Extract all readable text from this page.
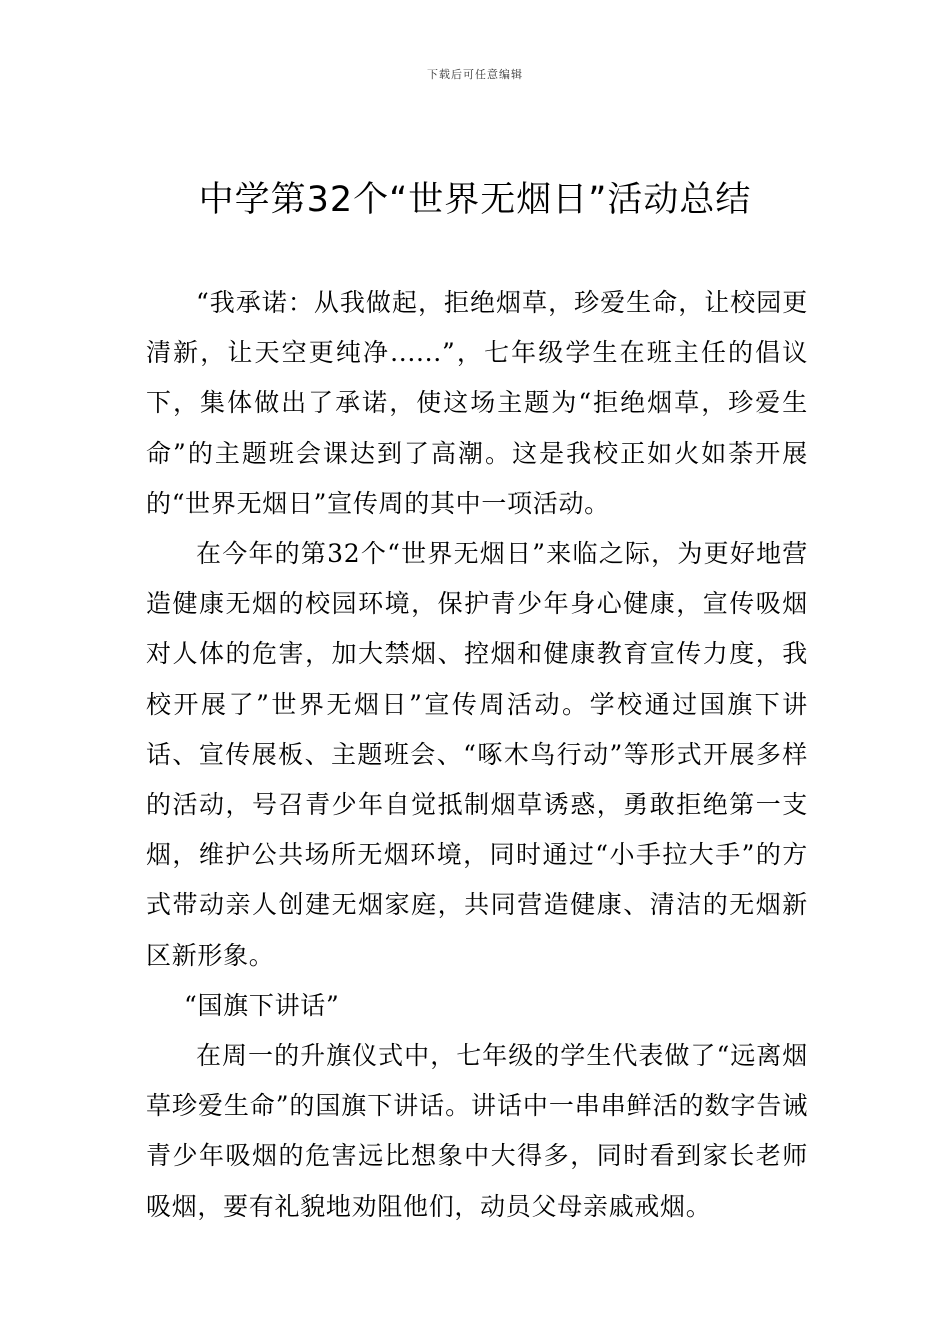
下载后可任意编辑
中学第32个“世界无烟日”活动总结

“我承诺：从我做起，拒绝烟草，珍爱生命，让校园更清新，让天空更纯净......”，七年级学生在班主任的倡议下，集体做出了承诺，使这场主题为“拒绝烟草，珍爱生命”的主题班会课达到了高潮。这是我校正如火如荼开展的“世界无烟日”宣传周的其中一项活动。

在今年的第32个“世界无烟日”来临之际，为更好地营造健康无烟的校园环境，保护青少年身心健康，宣传吸烟对人体的危害，加大禁烟、控烟和健康教育宣传力度，我校开展了”世界无烟日”宣传周活动。学校通过国旗下讲话、宣传展板、主题班会、“啄木鸟行动”等形式开展多样的活动，号召青少年自觉抵制烟草诱惑，勇敢拒绝第一支烟，维护公共场所无烟环境，同时通过“小手拉大手”的方式带动亲人创建无烟家庭，共同营造健康、清洁的无烟新区新形象。

“国旗下讲话”

在周一的升旗仪式中，七年级的学生代表做了“远离烟草珍爱生命”的国旗下讲话。讲话中一串串鲜活的数字告诫青少年吸烟的危害远比想象中大得多，同时看到家长老师吸烟，要有礼貌地劝阻他们，动员父母亲戚戒烟。
